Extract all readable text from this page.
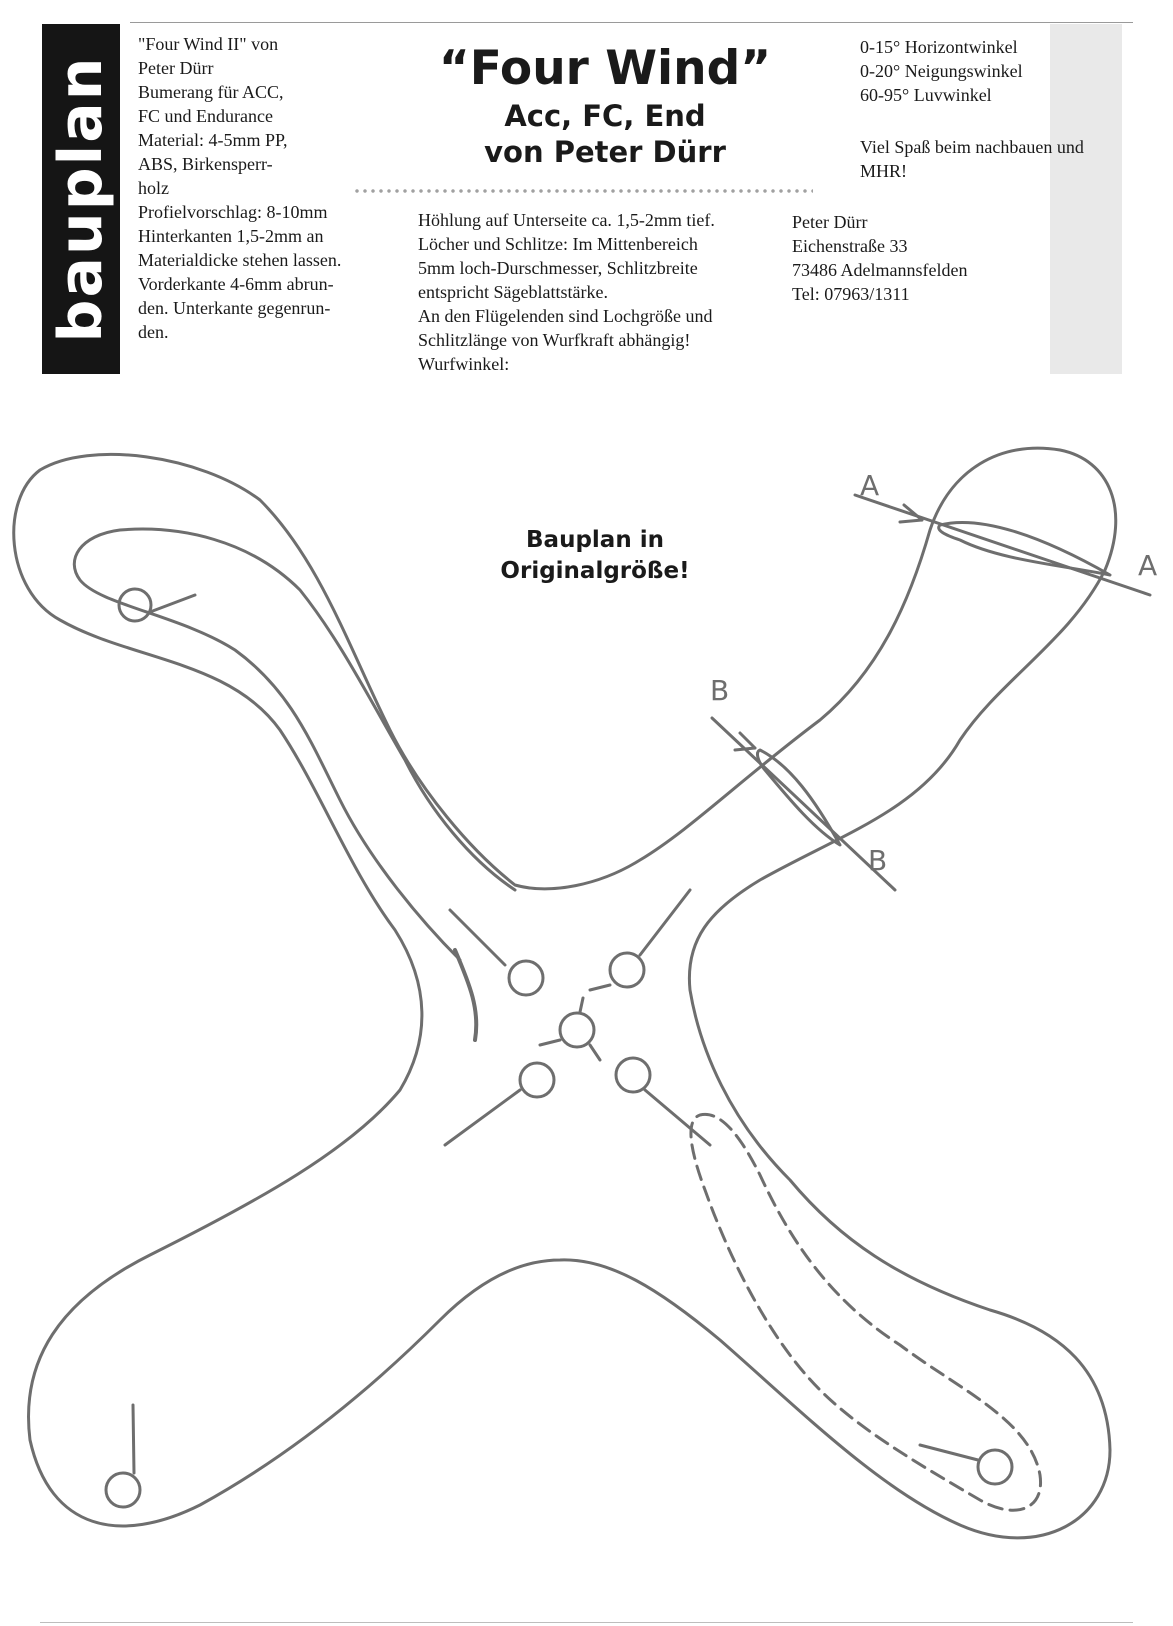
bauplan
"Four Wind II" von
Peter Dürr
Bumerang für ACC,
FC und Endurance
Material: 4-5mm PP,
ABS, Birkensperr-
holz
Profielvorschlag: 8-10mm
Hinterkanten 1,5-2mm an
Materialdicke stehen lassen.
Vorderkante 4-6mm abrun-
den. Unterkante gegenrun-
den.
“Four Wind”
Acc, FC, End
von Peter Dürr
Höhlung auf Unterseite ca. 1,5-2mm tief.
Löcher und Schlitze: Im Mittenbereich
5mm loch-Durschmesser, Schlitzbreite
entspricht Sägeblattstärke.
An den Flügelenden sind Lochgröße und
Schlitzlänge von Wurfkraft abhängig!
Wurfwinkel:
0-15° Horizontwinkel
0-20° Neigungswinkel
60-95° Luvwinkel
Viel Spaß beim nachbauen und
MHR!
Peter Dürr
Eichenstraße 33
73486 Adelmannsfelden
Tel: 07963/1311
A
A
B
B
Bauplan in
Originalgröße!
